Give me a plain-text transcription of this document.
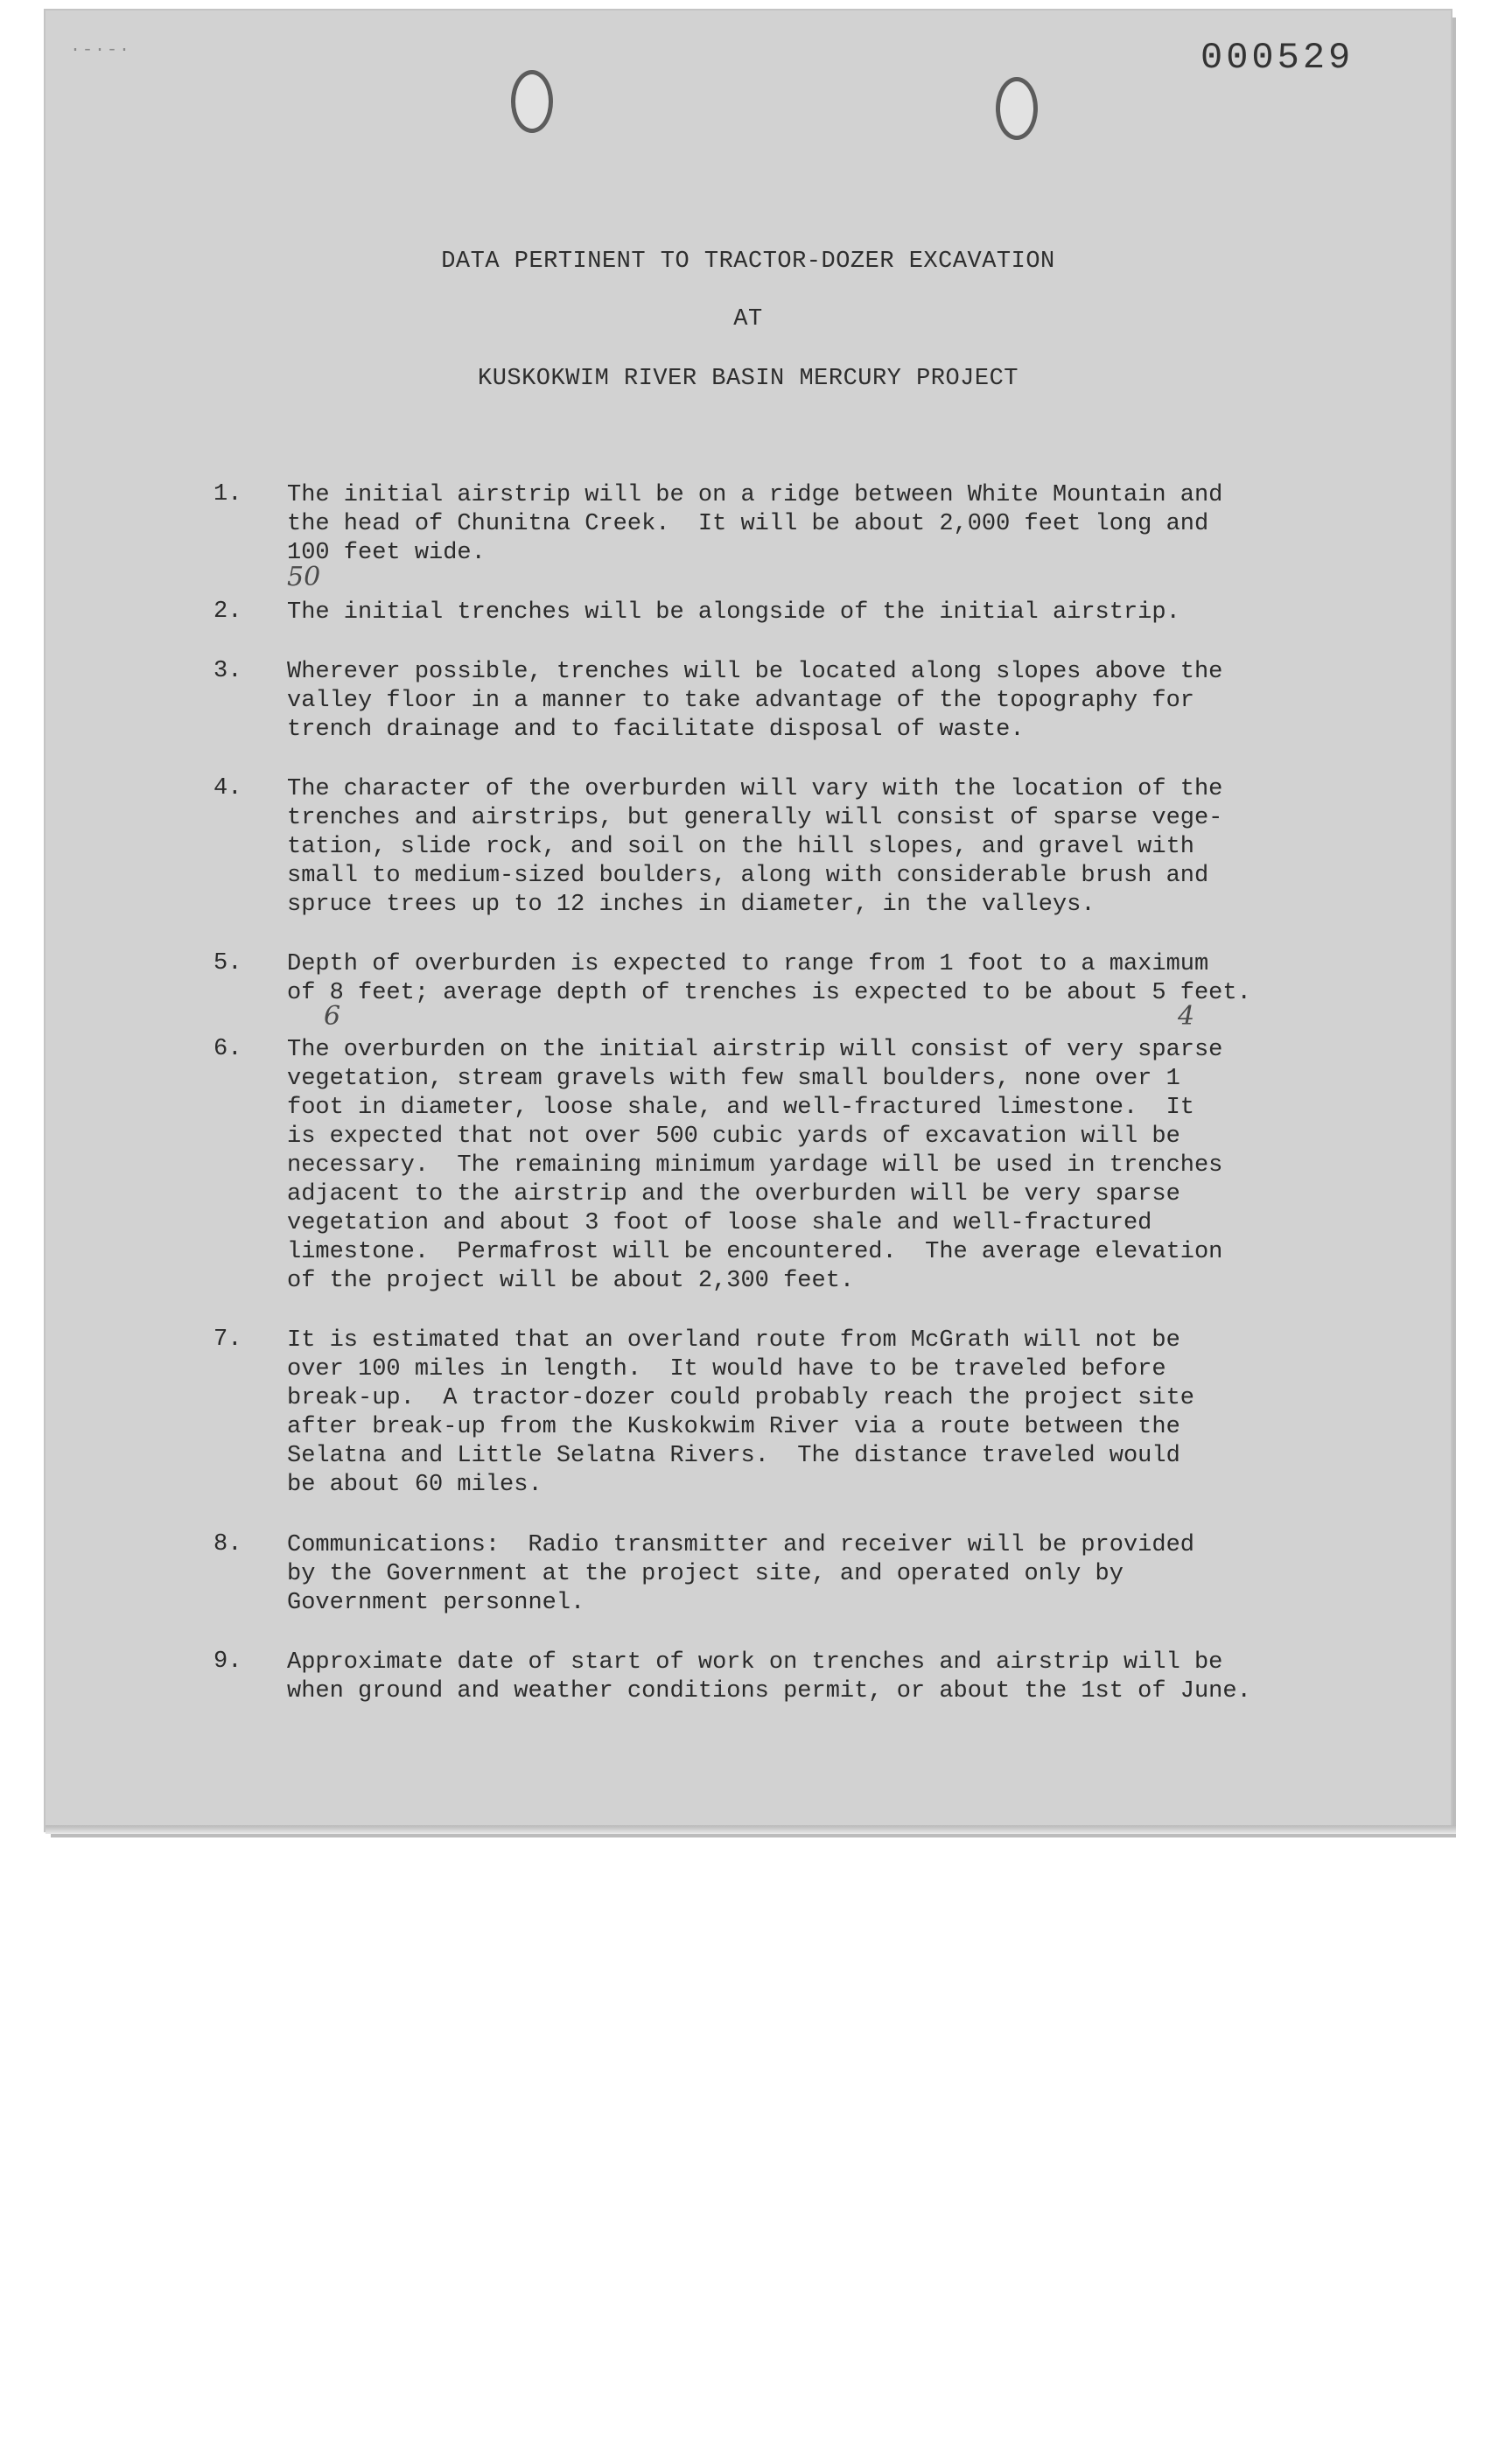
·-·-·	000529
DATA PERTINENT TO TRACTOR-DOZER EXCAVATION
AT
KUSKOKWIM RIVER BASIN MERCURY PROJECT
1. The initial airstrip will be on a ridge between White Mountain and
the head of Chunitna Creek.  It will be about 2,000 feet long and
100 feet wide.
50
2. The initial trenches will be alongside of the initial airstrip.
3. Wherever possible, trenches will be located along slopes above the
valley floor in a manner to take advantage of the topography for
trench drainage and to facilitate disposal of waste.
4. The character of the overburden will vary with the location of the
trenches and airstrips, but generally will consist of sparse vege-
tation, slide rock, and soil on the hill slopes, and gravel with
small to medium-sized boulders, along with considerable brush and
spruce trees up to 12 inches in diameter, in the valleys.
5. Depth of overburden is expected to range from 1 foot to a maximum
of 8 feet; average depth of trenches is expected to be about 5 feet.
6	4
6. The overburden on the initial airstrip will consist of very sparse
vegetation, stream gravels with few small boulders, none over 1
foot in diameter, loose shale, and well-fractured limestone.  It
is expected that not over 500 cubic yards of excavation will be
necessary.  The remaining minimum yardage will be used in trenches
adjacent to the airstrip and the overburden will be very sparse
vegetation and about 3 foot of loose shale and well-fractured
limestone.  Permafrost will be encountered.  The average elevation
of the project will be about 2,300 feet.
7. It is estimated that an overland route from McGrath will not be
over 100 miles in length.  It would have to be traveled before
break-up.  A tractor-dozer could probably reach the project site
after break-up from the Kuskokwim River via a route between the
Selatna and Little Selatna Rivers.  The distance traveled would
be about 60 miles.
8. Communications:  Radio transmitter and receiver will be provided
by the Government at the project site, and operated only by
Government personnel.
9. Approximate date of start of work on trenches and airstrip will be
when ground and weather conditions permit, or about the 1st of June.
